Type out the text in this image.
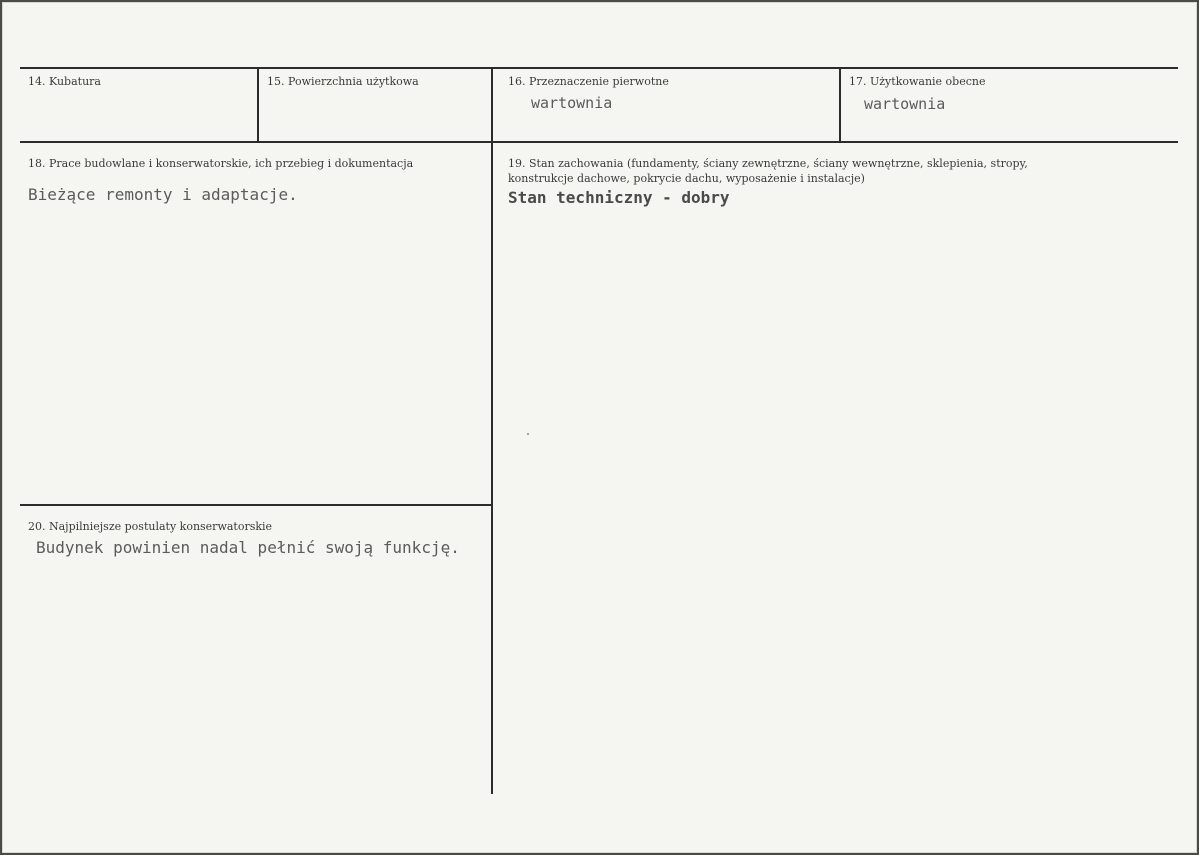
14. Kubatura	15. Powierzchnia użytkowa	16. Przeznaczenie pierwotne
wartownia
17. Użytkowanie obecne
wartownia
18. Prace budowlane i konserwatorskie, ich przebieg i dokumentacja
Bieżące remonty i adaptacje.
19. Stan zachowania (fundamenty, ściany zewnętrzne, ściany wewnętrzne, sklepienia, stropy,
konstrukcje dachowe, pokrycie dachu, wyposażenie i instalacje)
Stan techniczny - dobry
20. Najpilniejsze postulaty konserwatorskie
Budynek powinien nadal pełnić swoją funkcję.
